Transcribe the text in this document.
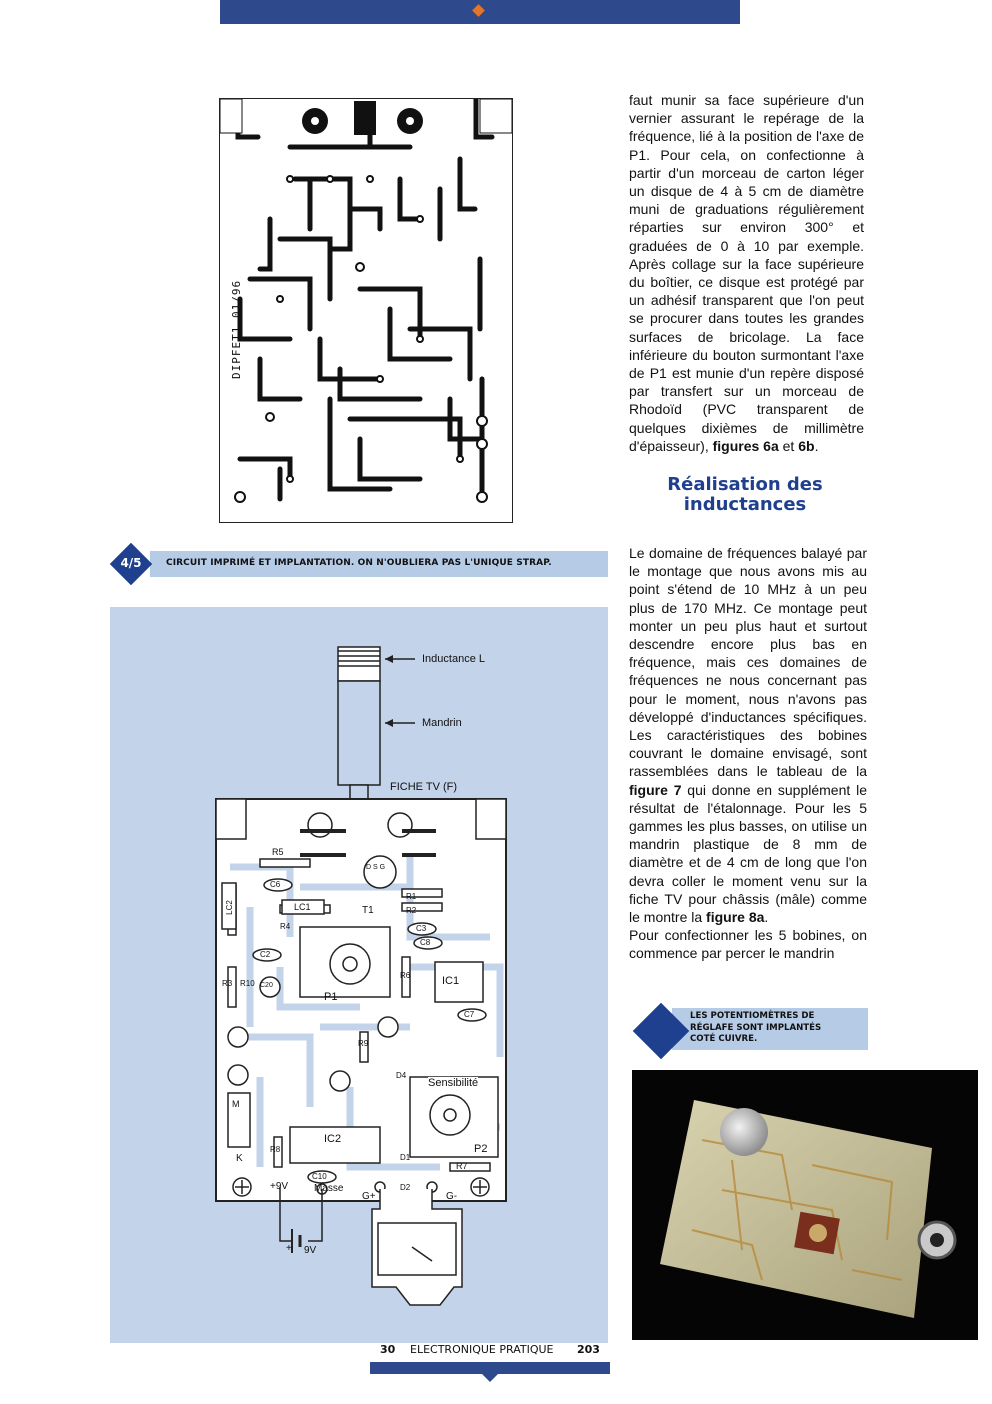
DIPFET1 01/96

faut munir sa face supérieure d'un vernier assurant le repérage de la fréquence, lié à la position de l'axe de P1. Pour cela, on confectionne à partir d'un morceau de carton léger un disque de 4 à 5 cm de diamètre muni de graduations régulièrement réparties sur environ 300° et graduées de 0 à 10 par exemple. Après collage sur la face supérieure du boîtier, ce disque est protégé par un adhésif transparent que l'on peut se procurer dans toutes les grandes surfaces de bricolage. La face inférieure du bouton surmontant l'axe de P1 est munie d'un repère disposé par transfert sur un morceau de Rhodoïd (PVC transparent de quelques dixièmes de millimètre d'épaisseur), figures 6a et 6b.

Réalisation des
inductances

Le domaine de fréquences balayé par le montage que nous avons mis au point s'étend de 10 MHz à un peu plus de 170 MHz. Ce montage peut monter un peu plus haut et surtout descendre encore plus bas en fréquence, mais ces domaines de fréquences ne nous concernant pas pour le moment, nous n'avons pas développé d'inductances spécifiques. Les caractéristiques des bobines couvrant le domaine envisagé, sont rassemblées dans le tableau de la figure 7 qui donne en supplément le résultat de l'étalonnage. Pour les 5 gammes les plus basses, on utilise un mandrin plastique de 8 mm de diamètre et de 4 cm de long que l'on devra coller le moment venu sur la fiche TV pour châssis (mâle) comme le montre la figure 8a.

Pour confectionner les 5 bobines, on commence par percer le mandrin

CIRCUIT IMPRIMÉ ET IMPLANTATION. ON N'OUBLIERA PAS L'UNIQUE STRAP.
4/5
Inductance L
Mandrin
FICHE TV (F)
Sensibilité
P1
P2
IC1
IC2
T1
D S G
R5
LC1
LC2
C6
C2
R4
R1
R2
R3
R6
R7
R8
R9
R10
C3
C8
C7
C10
C20
D1
D2
D4
M
K
+9V	Masse
G+	G-
+ 9V
LES POTENTIOMÈTRES DE
RÉGLAFE SONT IMPLANTÉS
COTÉ CUIVRE.
30 ELECTRONIQUE PRATIQUE 203
